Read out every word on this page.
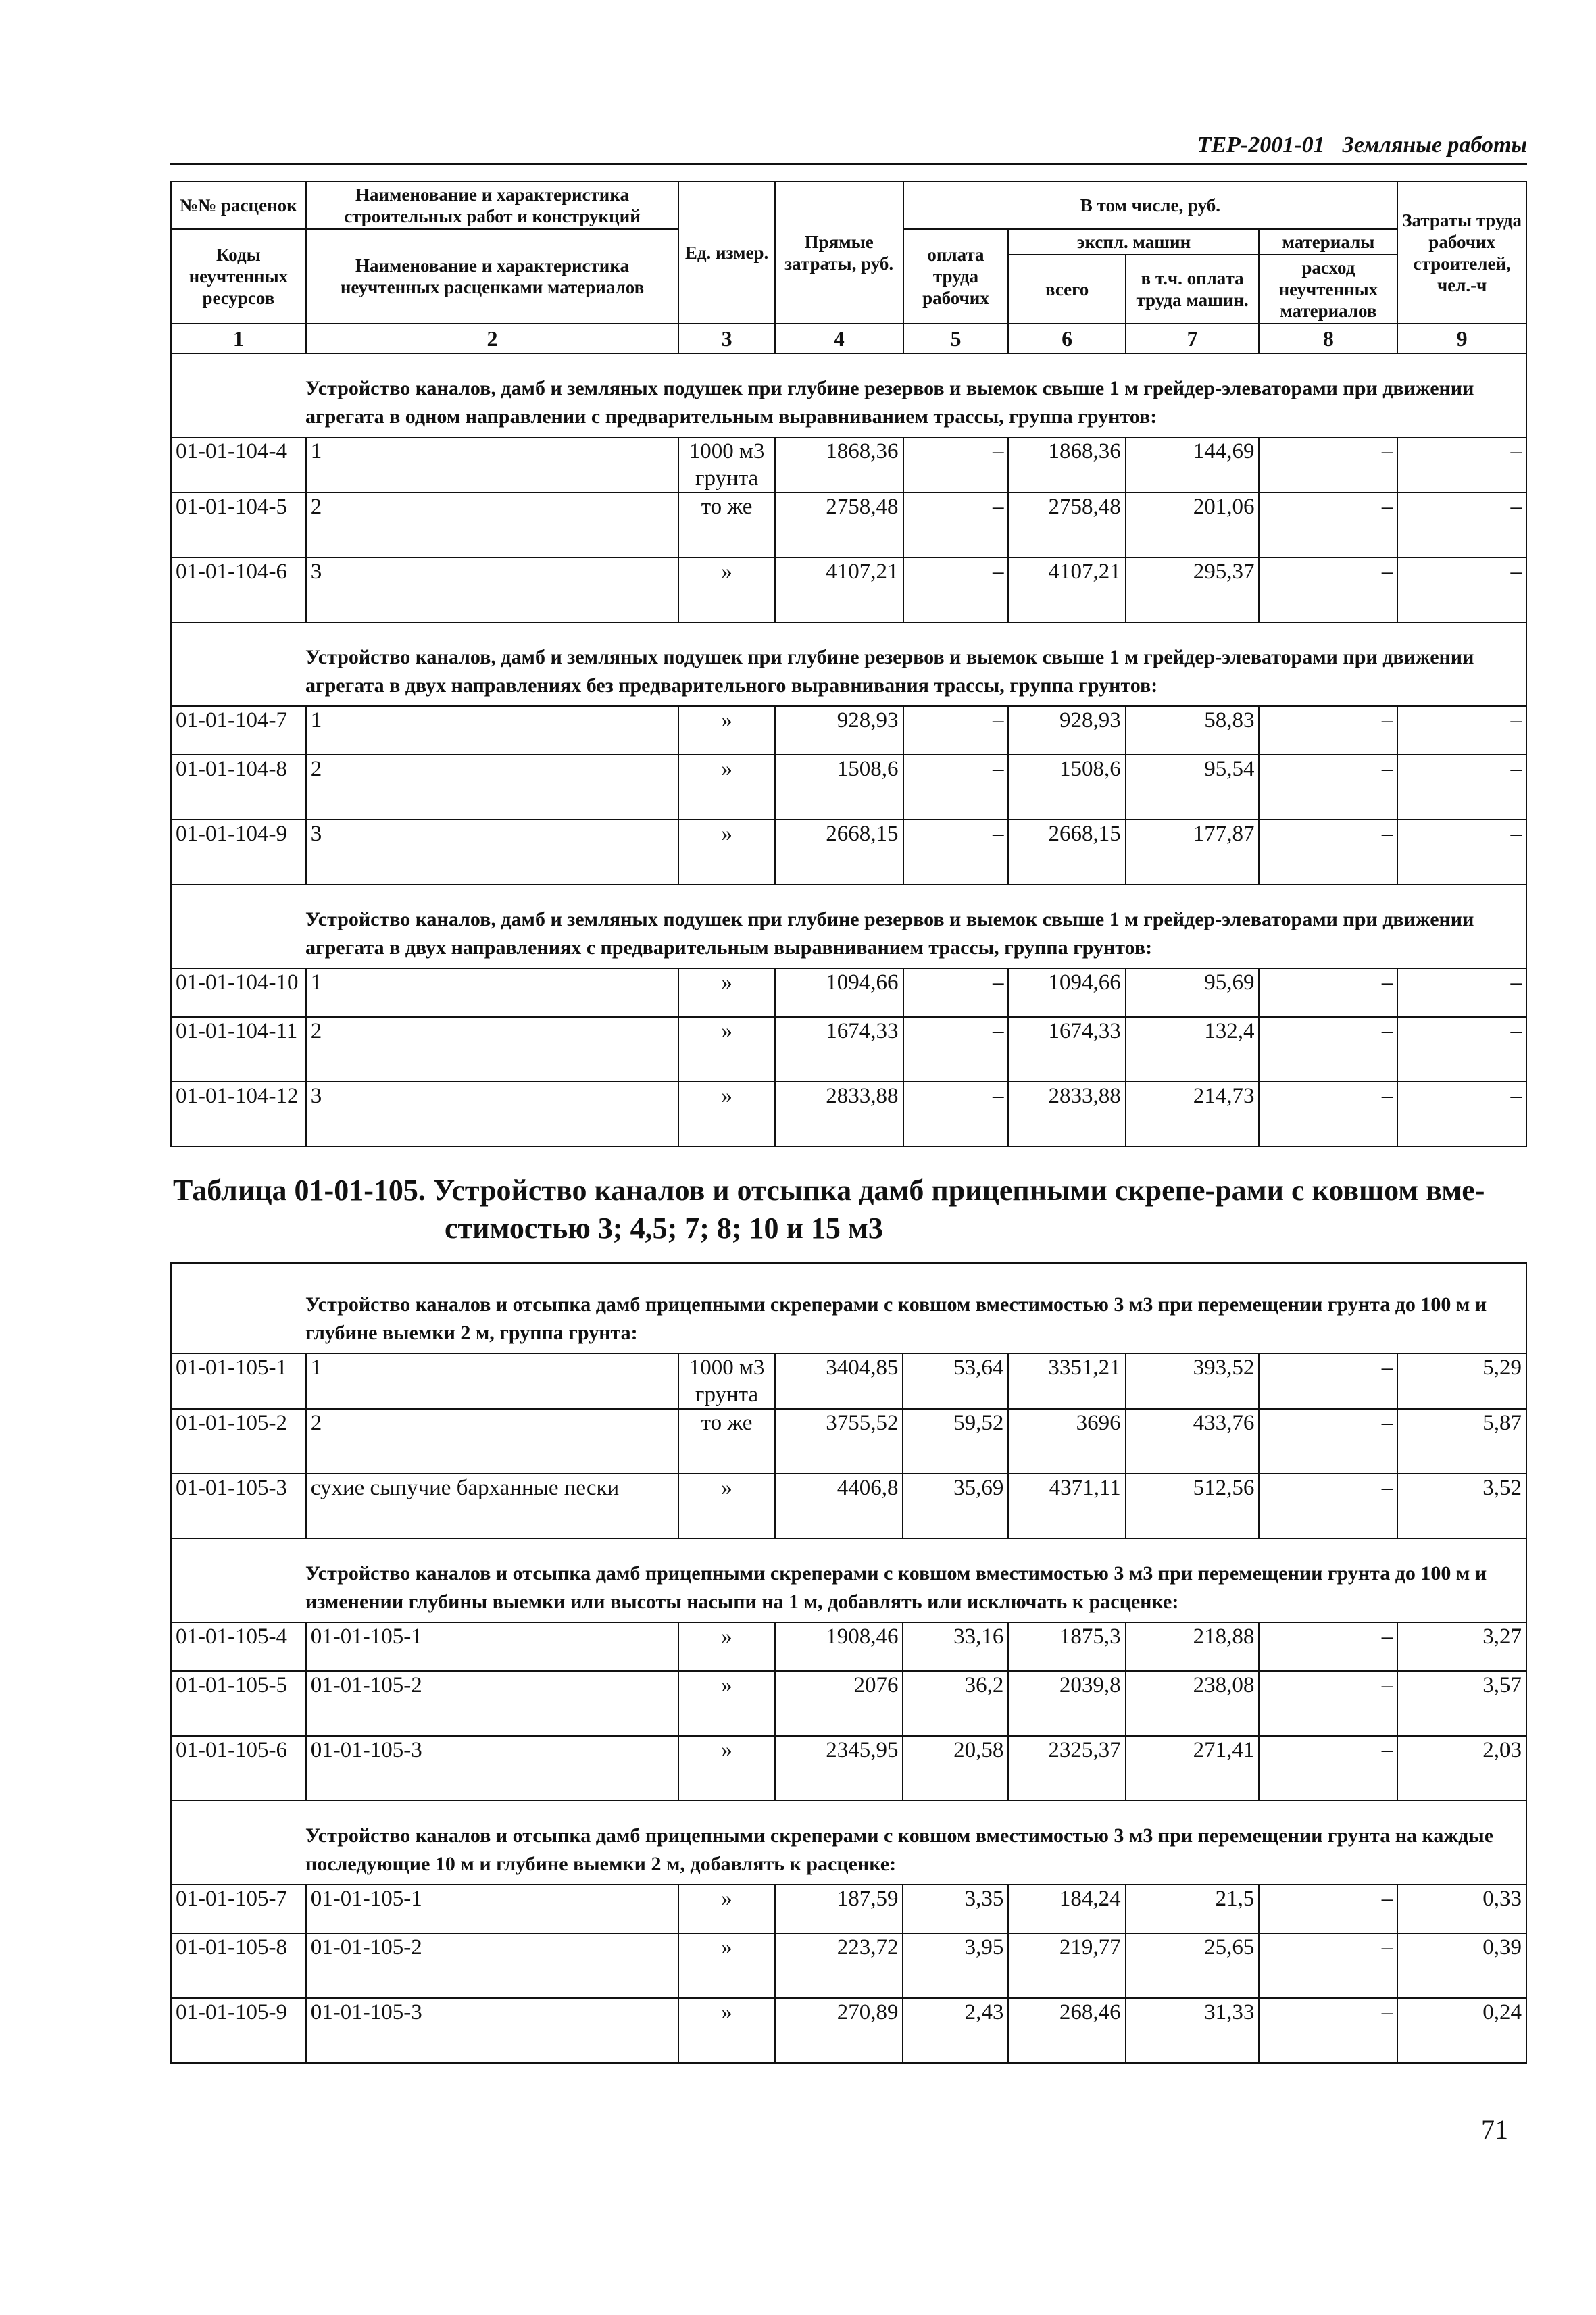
ТЕР-2001-01 Земляные работы
№№ расценок	Наименование и характеристика строительных работ и конструкций	Ед. измер.	Прямые затраты, руб.	В том числе, руб.				Затраты труда рабочих строителей, чел.-ч
Коды неучтенных ресурсов	Наименование и характеристика неучтенных расценками материалов			оплата труда рабочих	экспл. машин		материалы	
					всего	в т.ч. оплата труда машин.	расход неучтенных материалов	

1	2	3	4	5	6	7	8	9
Устройство каналов, дамб и земляных подушек при глубине резервов и выемок свыше 1 м грейдер-элеваторами при движении агрегата в одном направлении с предварительным выравниванием трассы, группа грунтов:								
01-01-104-4	1	1000 м3 грунта	1868,36	–	1868,36	144,69	–	–
01-01-104-5	2	то же	2758,48	–	2758,48	201,06	–	–
01-01-104-6	3	»	4107,21	–	4107,21	295,37	–	–
Устройство каналов, дамб и земляных подушек при глубине резервов и выемок свыше 1 м грейдер-элеваторами при движении агрегата в двух направлениях без предварительного выравнивания трассы, группа грунтов:								
01-01-104-7	1	»	928,93	–	928,93	58,83	–	–
01-01-104-8	2	»	1508,6	–	1508,6	95,54	–	–
01-01-104-9	3	»	2668,15	–	2668,15	177,87	–	–
Устройство каналов, дамб и земляных подушек при глубине резервов и выемок свыше 1 м грейдер-элеваторами при движении агрегата в двух направлениях с предварительным выравниванием трассы, группа грунтов:								
01-01-104-10	1	»	1094,66	–	1094,66	95,69	–	–
01-01-104-11	2	»	1674,33	–	1674,33	132,4	–	–
01-01-104-12	3	»	2833,88	–	2833,88	214,73	–	–
Таблица 01-01-105. Устройство каналов и отсыпка дамб прицепными скрепе-рами с ковшом вме-
стимостью 3; 4,5; 7; 8; 10 и 15 м3
Устройство каналов и отсыпка дамб прицепными скреперами с ковшом вместимостью 3 м3 при перемещении грунта до 100 м и глубине выемки 2 м, группа грунта:								
01-01-105-1	1	1000 м3 грунта	3404,85	53,64	3351,21	393,52	–	5,29
01-01-105-2	2	то же	3755,52	59,52	3696	433,76	–	5,87
01-01-105-3	сухие сыпучие барханные пески	»	4406,8	35,69	4371,11	512,56	–	3,52
Устройство каналов и отсыпка дамб прицепными скреперами с ковшом вместимостью 3 м3 при перемещении грунта до 100 м и изменении глубины выемки или высоты насыпи на 1 м, добавлять или исключать к расценке:								
01-01-105-4	01-01-105-1	»	1908,46	33,16	1875,3	218,88	–	3,27
01-01-105-5	01-01-105-2	»	2076	36,2	2039,8	238,08	–	3,57
01-01-105-6	01-01-105-3	»	2345,95	20,58	2325,37	271,41	–	2,03
Устройство каналов и отсыпка дамб прицепными скреперами с ковшом вместимостью 3 м3 при перемещении грунта на каждые последующие 10 м и глубине выемки 2 м, добавлять к расценке:								
01-01-105-7	01-01-105-1	»	187,59	3,35	184,24	21,5	–	0,33
01-01-105-8	01-01-105-2	»	223,72	3,95	219,77	25,65	–	0,39
01-01-105-9	01-01-105-3	»	270,89	2,43	268,46	31,33	–	0,24
71
